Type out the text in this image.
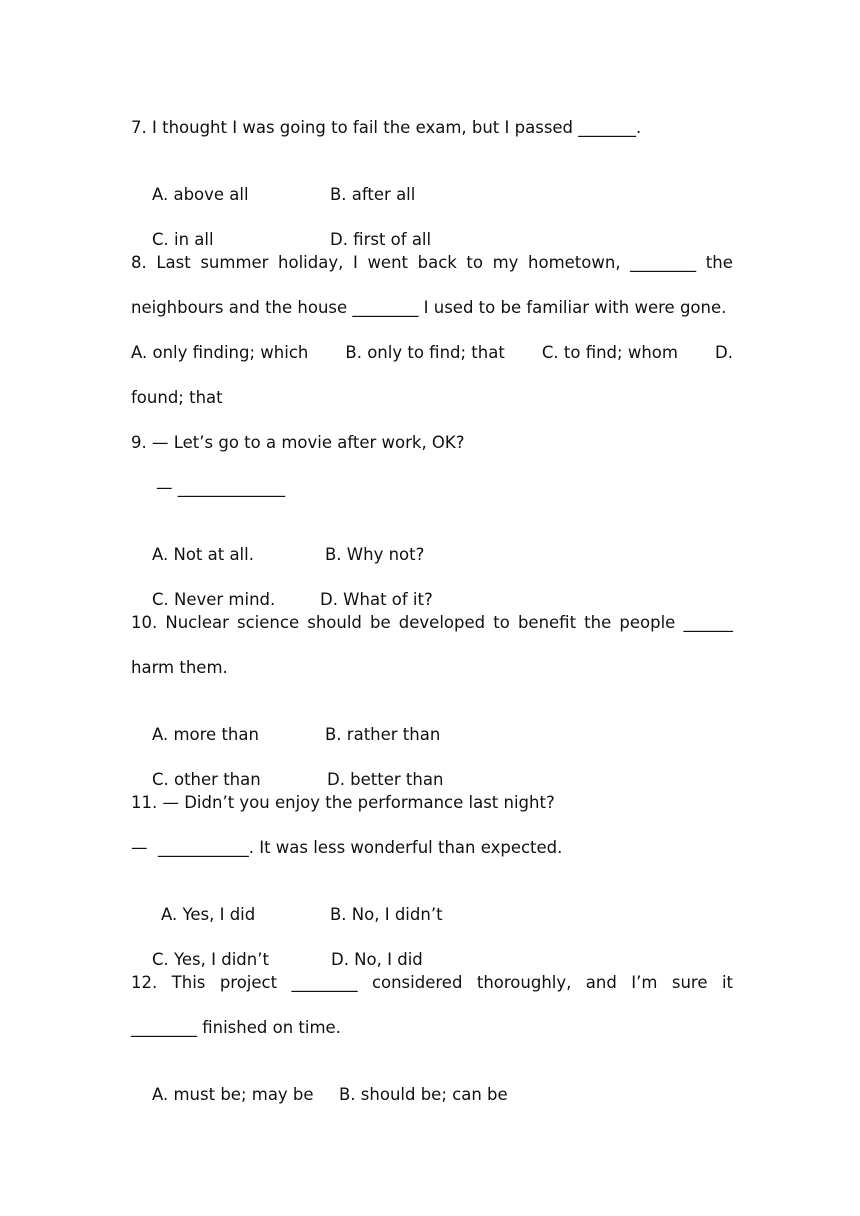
7. I thought I was going to fail the exam, but I passed _______.

A. above all	B. after all

C. in all	D. first of all

8. Last summer holiday, I went back to my hometown, ________ the
neighbours and the house ________ I used to be familiar with were gone.
A. only finding; which B. only to find; that C. to find; whom D.
found; that
9. — Let’s go to a movie after work, OK?
— _____________

A. Not at all.	B. Why not?

C. Never mind.	D. What of it?

10. Nuclear science should be developed to benefit the people ______
harm them.

A. more than	B. rather than

C. other than	D. better than

11. — Didn’t you enjoy the performance last night?
—  ___________. It was less wonderful than expected.

A. Yes, I did	B. No, I didn’t

C. Yes, I didn’t	D. No, I did

12. This project ________ considered thoroughly, and I’m sure it
________ finished on time.

A. must be; may be B. should be; can be
